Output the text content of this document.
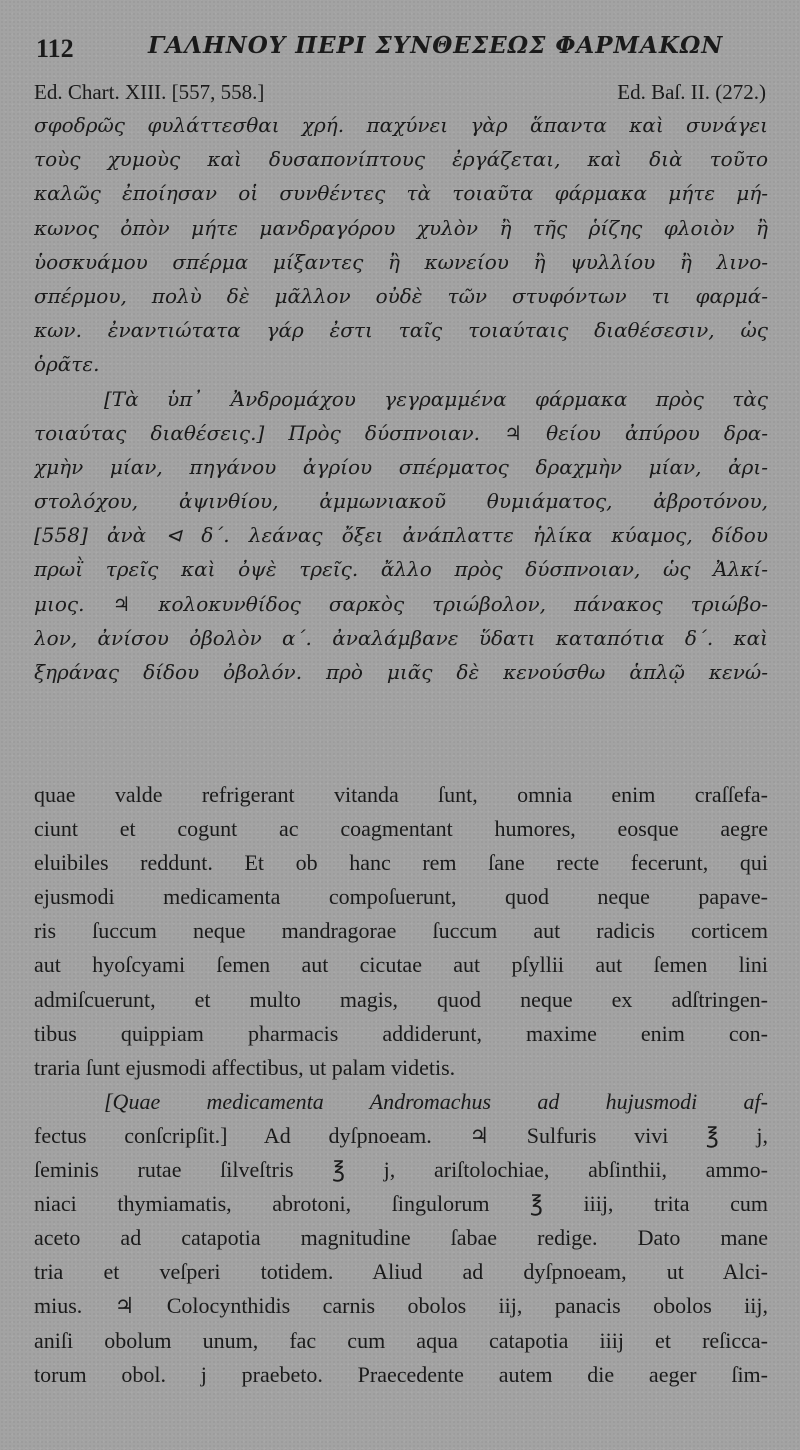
112	ΓΑΛΗΝΟΥ ΠΕΡΙ ΣΥΝΘΕΣΕΩΣ ΦΑΡΜΑΚΩΝ
Ed. Chart. XIII. [557, 558.]	Ed. Baſ. II. (272.)
σφοδρῶς φυλάττεσθαι χρή. παχύνει γὰρ ἅπαντα καὶ συνάγει
τοὺς χυμοὺς καὶ δυσαπονίπτους ἐργάζεται, καὶ διὰ τοῦτο
καλῶς ἐποίησαν οἱ συνθέντες τὰ τοιαῦτα φάρμακα μήτε μή-
κωνος ὀπὸν μήτε μανδραγόρου χυλὸν ἢ τῆς ῥίζης φλοιὸν ἢ
ὑοσκυάμου σπέρμα μίξαντες ἢ κωνείου ἢ ψυλλίου ἢ λινο-
σπέρμου, πολὺ δὲ μᾶλλον οὐδὲ τῶν στυφόντων τι φαρμά-
κων. ἐναντιώτατα γάρ ἐστι ταῖς τοιαύταις διαθέσεσιν, ὡς
ὁρᾶτε.
[Τὰ ὑπ᾽ Ἀνδρομάχου γεγραμμένα φάρμακα πρὸς τὰς
τοιαύτας διαθέσεις.] Πρὸς δύσπνοιαν. ♃ θείου ἀπύρου δρα-
χμὴν μίαν, πηγάνου ἀγρίου σπέρματος δραχμὴν μίαν, ἀρι-
στολόχου, ἀψινθίου, ἀμμωνιακοῦ θυμιάματος, ἀβροτόνου,
[558] ἀνὰ ⊲ δ΄. λεάνας ὄξει ἀνάπλαττε ἡλίκα κύαμος, δίδου
πρωῒ τρεῖς καὶ ὀψὲ τρεῖς. ἄλλο πρὸς δύσπνοιαν, ὡς Ἀλκί-
μιος. ♃ κολοκυνθίδος σαρκὸς τριώβολον, πάνακος τριώβο-
λον, ἀνίσου ὀβολὸν α΄. ἀναλάμβανε ὕδατι καταπότια δ΄. καὶ
ξηράνας δίδου ὀβολόν. πρὸ μιᾶς δὲ κενούσθω ἁπλῷ κενώ-
quae valde refrigerant vitanda ſunt, omnia enim craſſefa-
ciunt et cogunt ac coagmentant humores, eosque aegre
eluibiles reddunt. Et ob hanc rem ſane recte fecerunt, qui
ejusmodi medicamenta compoſuerunt, quod neque papave-
ris ſuccum neque mandragorae ſuccum aut radicis corticem
aut hyoſcyami ſemen aut cicutae aut pſyllii aut ſemen lini
admiſcuerunt, et multo magis, quod neque ex adſtringen-
tibus quippiam pharmacis addiderunt, maxime enim con-
traria ſunt ejusmodi affectibus, ut palam videtis.
[Quae medicamenta Andromachus ad hujusmodi af-
fectus conſcripſit.] Ad dyſpnoeam. ♃ Sulfuris vivi ℥ j,
ſeminis rutae ſilveſtris ℥ j, ariſtolochiae, abſinthii, ammo-
niaci thymiamatis, abrotoni, ſingulorum ℥ iiij, trita cum
aceto ad catapotia magnitudine ſabae redige. Dato mane
tria et veſperi totidem. Aliud ad dyſpnoeam, ut Alci-
mius. ♃ Colocynthidis carnis obolos iij, panacis obolos iij,
aniſi obolum unum, fac cum aqua catapotia iiij et reſicca-
torum obol. j praebeto. Praecedente autem die aeger ſim-
